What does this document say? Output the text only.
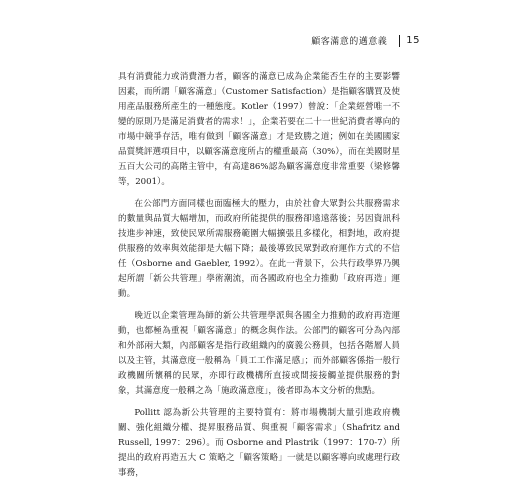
顧客滿意的邁意義 15

具有消費能力或消費潛力者，顧客的滿意已成為企業能否生存的主要影響因素，而所謂「顧客滿意」（Customer Satisfaction）是指顧客購買及使用產品服務所產生的一種態度。Kotler（1997）曾說：「企業經營唯一不變的原則乃是滿足消費者的需求！」，企業若要在二十一世紀消費者導向的市場中競爭存活，唯有做到「顧客滿意」才是致勝之道；例如在美國國家品質獎評選項目中，以顧客滿意度所占的權重最高（30%），而在美國財星五百大公司的高階主管中，有高達86%認為顧客滿意度非常重要（梁修馨等，2001）。

在公部門方面同樣也面臨極大的壓力，由於社會大眾對公共服務需求的數量與品質大幅增加，而政府所能提供的服務卻遠遠落後；另因資訊科技進步神速，致使民眾所需服務範圍大幅擴張且多樣化，相對地，政府提供服務的效率與效能卻是大幅下降；最後導致民眾對政府運作方式的不信任（Osborne and Gaebler, 1992）。在此一背景下，公共行政學界乃興起所謂「新公共管理」學術潮流，而各國政府也全力推動「政府再造」運動。

晚近以企業管理為師的新公共管理學派與各國全力推動的政府再造運動，也都極為重視「顧客滿意」的概念與作法。公部門的顧客可分為內部和外部兩大類，內部顧客是指行政組織內的廣義公務員，包括各階層人員以及主管，其滿意度一般稱為「員工工作滿足感」；而外部顧客係指一般行政機關所懷稱的民眾，亦即行政機構所直接或間接接觸並提供服務的對象，其滿意度一般稱之為「施政滿意度」，後者即為本文分析的焦點。

Pollitt 認為新公共管理的主要特質有：將市場機制大量引進政府機關、強化組織分權、提昇服務品質、與重視「顧客需求」（Shafritz and Russell, 1997：296）。而 Osborne and Plastrik（1997：170-7）所提出的政府再造五大 C 策略之「顧客策略」一就是以顧客導向或處理行政事務，
